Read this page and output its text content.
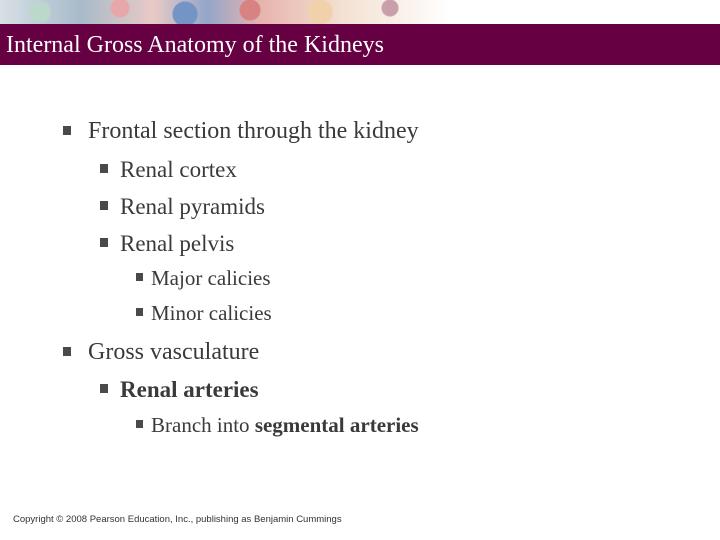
Internal Gross Anatomy of the Kidneys
Frontal section through the kidney
Renal cortex
Renal pyramids
Renal pelvis
Major calicies
Minor calicies
Gross vasculature
Renal arteries
Branch into segmental arteries
Copyright © 2008 Pearson Education, Inc., publishing as Benjamin Cummings
